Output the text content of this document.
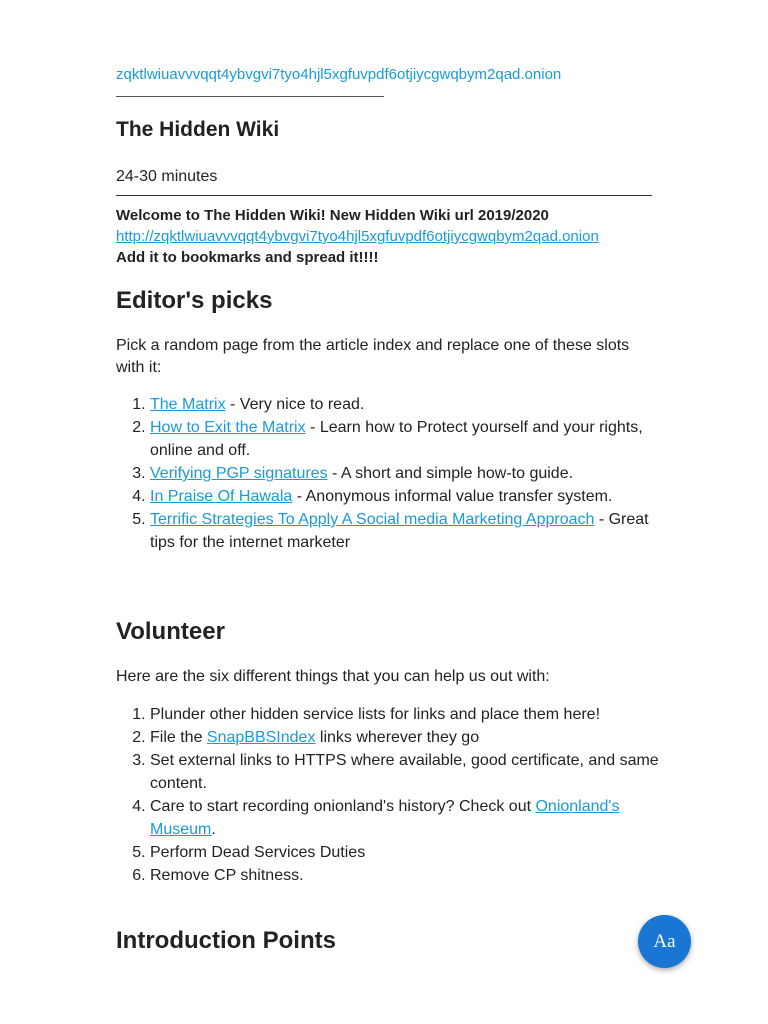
zqktlwiuavvvqqt4ybvgvi7tyo4hjl5xgfuvpdf6otjiycgwqbym2qad.onion
The Hidden Wiki
24-30 minutes
Welcome to The Hidden Wiki! New Hidden Wiki url 2019/2020
http://zqktlwiuavvvqqt4ybvgvi7tyo4hjl5xgfuvpdf6otjiycgwqbym2qad.onion
Add it to bookmarks and spread it!!!!
Editor's picks

Pick a random page from the article index and replace one of these slots with it:

1. The Matrix - Very nice to read.
2. How to Exit the Matrix - Learn how to Protect yourself and your rights, online and off.
3. Verifying PGP signatures - A short and simple how-to guide.
4. In Praise Of Hawala - Anonymous informal value transfer system.
5. Terrific Strategies To Apply A Social media Marketing Approach - Great tips for the internet marketer
Volunteer

Here are the six different things that you can help us out with:

1. Plunder other hidden service lists for links and place them here!
2. File the SnapBBSIndex links wherever they go
3. Set external links to HTTPS where available, good certificate, and same content.
4. Care to start recording onionland's history? Check out Onionland's Museum.
5. Perform Dead Services Duties
6. Remove CP shitness.
Introduction Points	Aa
